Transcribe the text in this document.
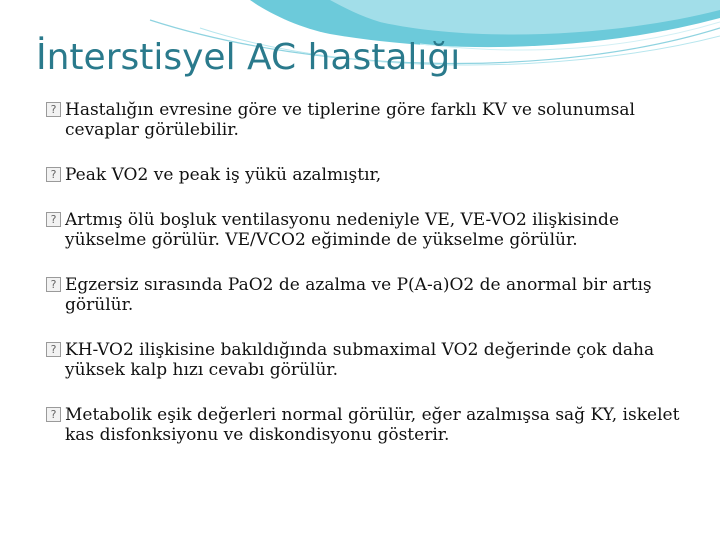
İnterstisyel AC hastalığı
? Hastalığın evresine göre ve tiplerine göre farklı KV ve solunumsal cevaplar görülebilir.
? Peak VO2 ve peak iş yükü azalmıştır,
? Artmış ölü boşluk ventilasyonu nedeniyle VE, VE-VO2 ilişkisinde yükselme görülür. VE/VCO2 eğiminde de yükselme görülür.
? Egzersiz sırasında PaO2 de azalma ve P(A-a)O2 de anormal bir artış görülür.
? KH-VO2 ilişkisine bakıldığında submaximal VO2 değerinde çok daha yüksek kalp hızı cevabı görülür.
? Metabolik eşik değerleri normal görülür, eğer azalmışsa sağ KY, iskelet kas disfonksiyonu ve diskondisyonu gösterir.
